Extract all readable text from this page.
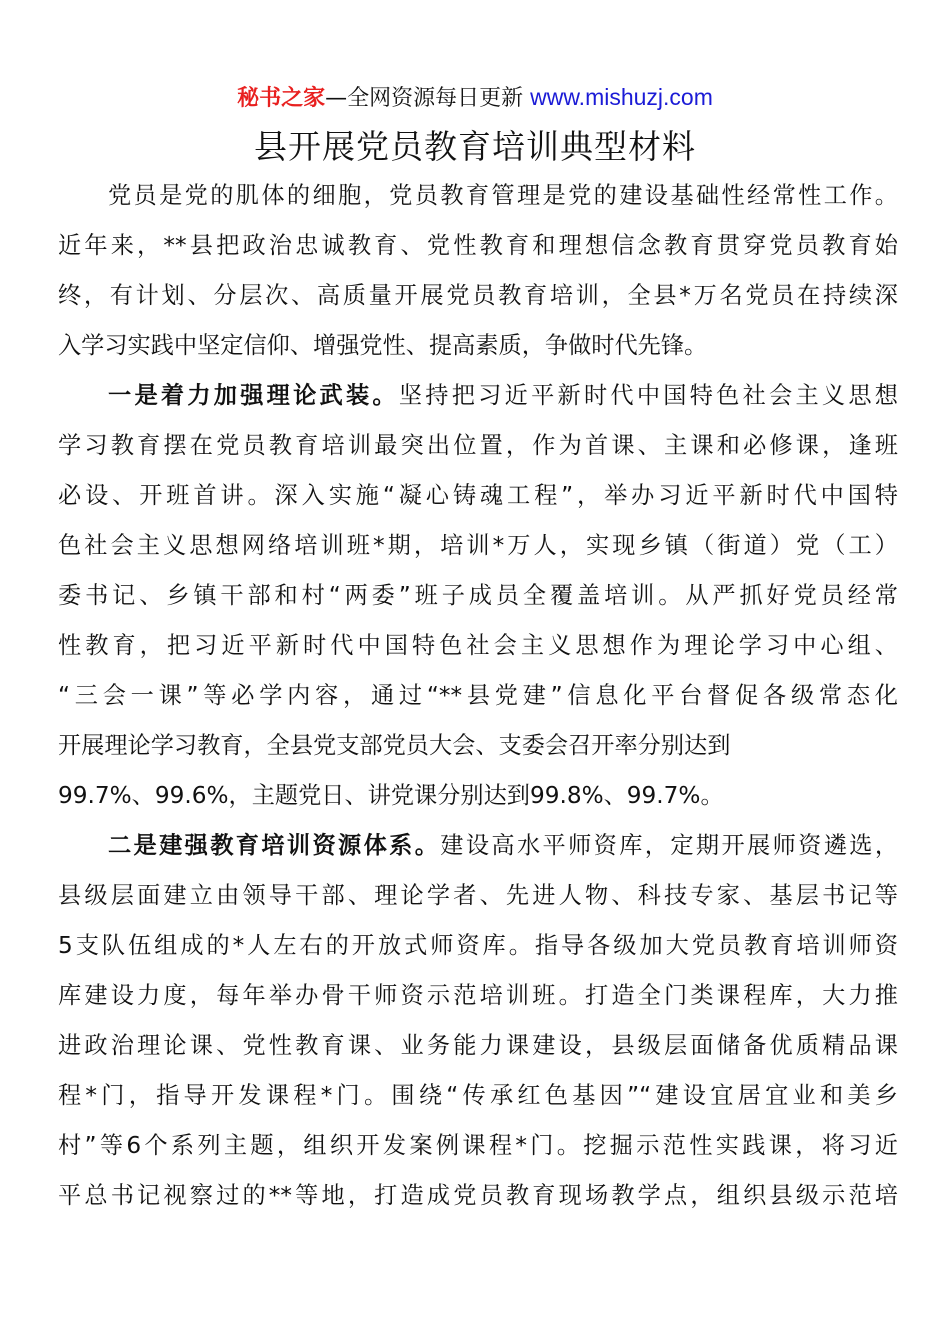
秘书之家—全网资源每日更新 www.mishuzj.com
县开展党员教育培训典型材料
党员是党的肌体的细胞，党员教育管理是党的建设基础性经常性工作。
近年来，**县把政治忠诚教育、党性教育和理想信念教育贯穿党员教育始
终，有计划、分层次、高质量开展党员教育培训，全县*万名党员在持续深
入学习实践中坚定信仰、增强党性、提高素质，争做时代先锋。
一是着力加强理论武装。坚持把习近平新时代中国特色社会主义思想
学习教育摆在党员教育培训最突出位置，作为首课、主课和必修课，逢班
必设、开班首讲。深入实施“凝心铸魂工程”，举办习近平新时代中国特
色社会主义思想网络培训班*期，培训*万人，实现乡镇（街道）党（工）
委书记、乡镇干部和村“两委”班子成员全覆盖培训。从严抓好党员经常
性教育，把习近平新时代中国特色社会主义思想作为理论学习中心组、
“三会一课”等必学内容，通过“**县党建”信息化平台督促各级常态化
开展理论学习教育，全县党支部党员大会、支委会召开率分别达到
99.7%、99.6%，主题党日、讲党课分别达到99.8%、99.7%。
二是建强教育培训资源体系。建设高水平师资库，定期开展师资遴选，
县级层面建立由领导干部、理论学者、先进人物、科技专家、基层书记等
5支队伍组成的*人左右的开放式师资库。指导各级加大党员教育培训师资
库建设力度，每年举办骨干师资示范培训班。打造全门类课程库，大力推
进政治理论课、党性教育课、业务能力课建设，县级层面储备优质精品课
程*门，指导开发课程*门。围绕“传承红色基因”“建设宜居宜业和美乡
村”等6个系列主题，组织开发案例课程*门。挖掘示范性实践课，将习近
平总书记视察过的**等地，打造成党员教育现场教学点，组织县级示范培
